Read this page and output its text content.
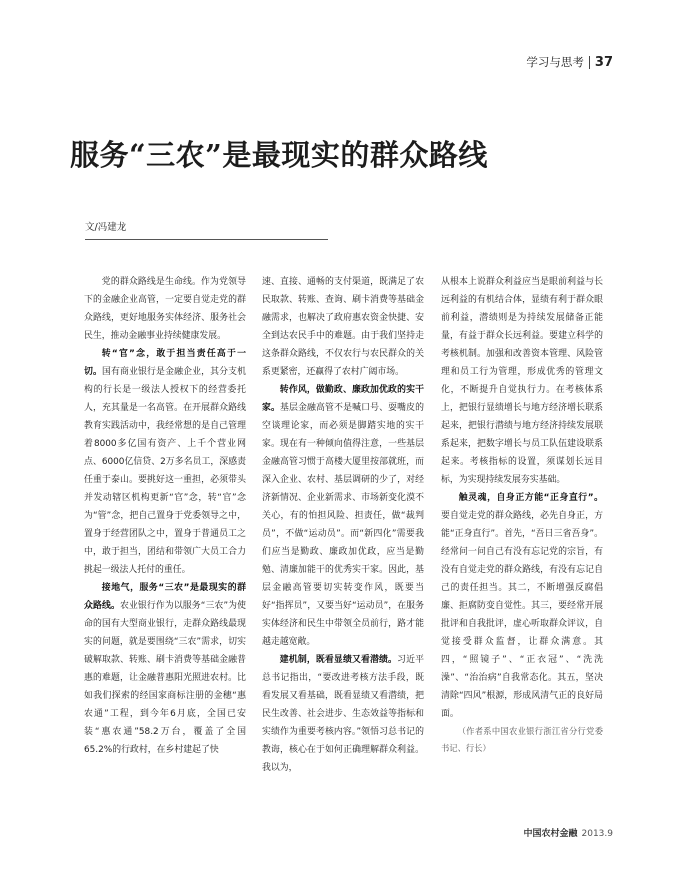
学习与思考 37
服务“三农”是最现实的群众路线
文/冯建龙

党的群众路线是生命线。作为党领导下的金融企业高管，一定要自觉走党的群众路线，更好地服务实体经济、服务社会民生，推动金融事业持续健康发展。

转“官”念，敢于担当责任高于一切。国有商业银行是金融企业，其分支机构的行长是一级法人授权下的经营委托人，充其量是一名高管。在开展群众路线教育实践活动中，我经常想的是自己管理着8000多亿国有资产、上千个营业网点、6000亿信贷、2万多名员工，深感责任重于泰山。要挑好这一重担，必须带头并发动辖区机构更新“官”念，转“官”念为“管”念，把自己置身于党委领导之中，置身于经营团队之中，置身于普通员工之中，敢于担当，团结和带领广大员工合力挑起一级法人托付的重任。

接地气，服务“三农”是最现实的群众路线。农业银行作为以服务“三农”为使命的国有大型商业银行，走群众路线最现实的问题，就是要围绕“三农”需求，切实破解取款、转账、刷卡消费等基础金融普惠的难题，让金融普惠阳光照进农村。比如我们探索的经国家商标注册的金穗“惠农通”工程，到今年6月底，全国已安装“惠农通”58.2万台，覆盖了全国65.2%的行政村，在乡村建起了快

速、直接、通畅的支付渠道，既满足了农民取款、转账、查询、刷卡消费等基础金融需求，也解决了政府惠农资金快捷、安全到达农民手中的难题。由于我们坚持走这条群众路线，不仅农行与农民群众的关系更紧密，还赢得了农村广阔市场。

转作风，做勤政、廉政加优政的实干家。基层金融高管不是喊口号、耍嘴皮的空谈理论家，而必须是脚踏实地的实干家。现在有一种倾向值得注意，一些基层金融高管习惯于高楼大厦里按部就班，而深入企业、农村、基层调研的少了，对经济新情况、企业新需求、市场新变化漠不关心，有的怕担风险、担责任，做“裁判员”，不做“运动员”。而“新四化”需要我们应当是勤政、廉政加优政，应当是勤勉、清廉加能干的优秀实干家。因此，基层金融高管要切实转变作风，既要当好“指挥员”，又要当好“运动员”，在服务实体经济和民生中带领全员前行，路才能越走越宽敞。

建机制，既看显绩又看潜绩。习近平总书记指出，“要改进考核方法手段，既看发展又看基础，既看显绩又看潜绩，把民生改善、社会进步、生态效益等指标和实绩作为重要考核内容。”领悟习总书记的教诲，核心在于如何正确理解群众利益。我以为，

从根本上说群众利益应当是眼前利益与长远利益的有机结合体，显绩有利于群众眼前利益，潜绩则是为持续发展储备正能量，有益于群众长远利益。要建立科学的考核机制。加强和改善资本管理、风险管理和员工行为管理，形成优秀的管理文化，不断提升自觉执行力。在考核体系上，把银行显绩增长与地方经济增长联系起来，把银行潜绩与地方经济持续发展联系起来，把数字增长与员工队伍建设联系起来。考核指标的设置，须谋划长远目标，为实现持续发展夯实基础。

触灵魂，自身正方能“正身直行”。要自觉走党的群众路线，必先自身正，方能“正身直行”。首先，“吾日三省吾身”。经常问一问自己有没有忘记党的宗旨，有没有自觉走党的群众路线，有没有忘记自己的责任担当。其二，不断增强反腐倡廉、拒腐防变自觉性。其三，要经常开展批评和自我批评，虚心听取群众评议，自觉接受群众监督，让群众满意。其四，“照镜子”、“正衣冠”、“洗洗澡”、“治治病”自我常态化。其五，坚决清除“四风”根源，形成风清气正的良好局面。

（作者系中国农业银行浙江省分行党委书记、行长）

中国农村金融 2013.9
